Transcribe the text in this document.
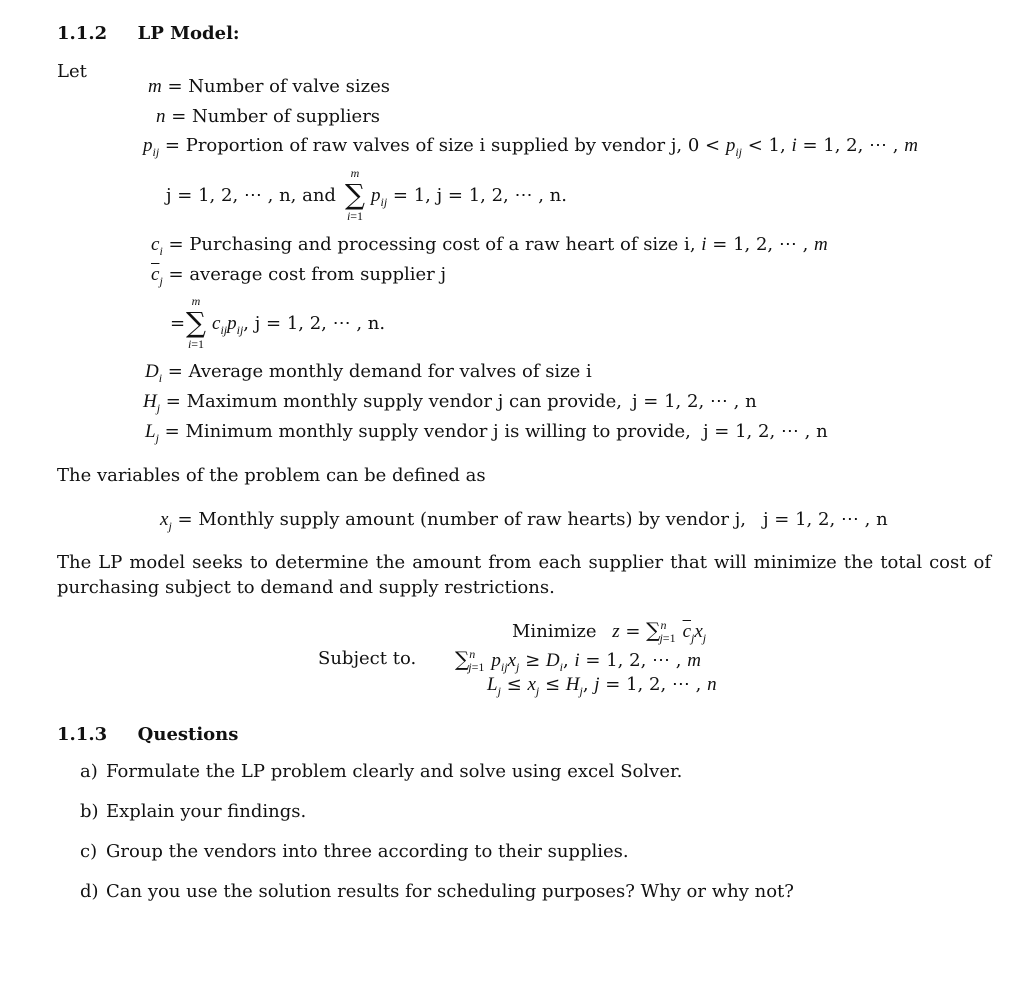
1.1.2 LP Model:
Let
m = Number of valve sizes
n = Number of suppliers
$p_{ij}$ = Proportion of raw valves of size i supplied by vendor j, $0 < p_{ij} < 1$, i = 1, 2, ⋯ , m
j = 1, 2, ⋯ , n, and
m
∑
i=1
$p_{ij} = 1$, j = 1, 2, ⋯ , n.
$c_i$ = Purchasing and processing cost of a raw heart of size i, i = 1, 2, ⋯ , m
$\overline{c}_j$ = average cost from supplier j
=
m
∑
i=1
$c_{ij}p_{ij}$, j = 1, 2, ⋯ , n.
$D_i$ = Average monthly demand for valves of size i
$H_j$ = Maximum monthly supply vendor j can provide, j = 1, 2, ⋯ , n
$L_j$ = Minimum monthly supply vendor j is willing to provide, j = 1, 2, ⋯ , n
The variables of the problem can be defined as
$x_j$ = Monthly supply amount (number of raw hearts) by vendor j, j = 1, 2, ⋯ , n
The LP model seeks to determine the amount from each supplier that will minimize the total cost of purchasing subject to demand and supply restrictions.
Minimize z = ∑$^n_{j=1}$ $\overline{c}_jx_j$
Subject to. ∑$^n_{j=1}$ $p_{ij}x_j \ge D_i$, i = 1, 2, ⋯ , m
$L_j \le x_j \le H_j$, j = 1, 2, ⋯ , n
1.1.3 Questions
a) Formulate the LP problem clearly and solve using excel Solver.
b) Explain your findings.
c) Group the vendors into three according to their supplies.
d) Can you use the solution results for scheduling purposes? Why or why not?
